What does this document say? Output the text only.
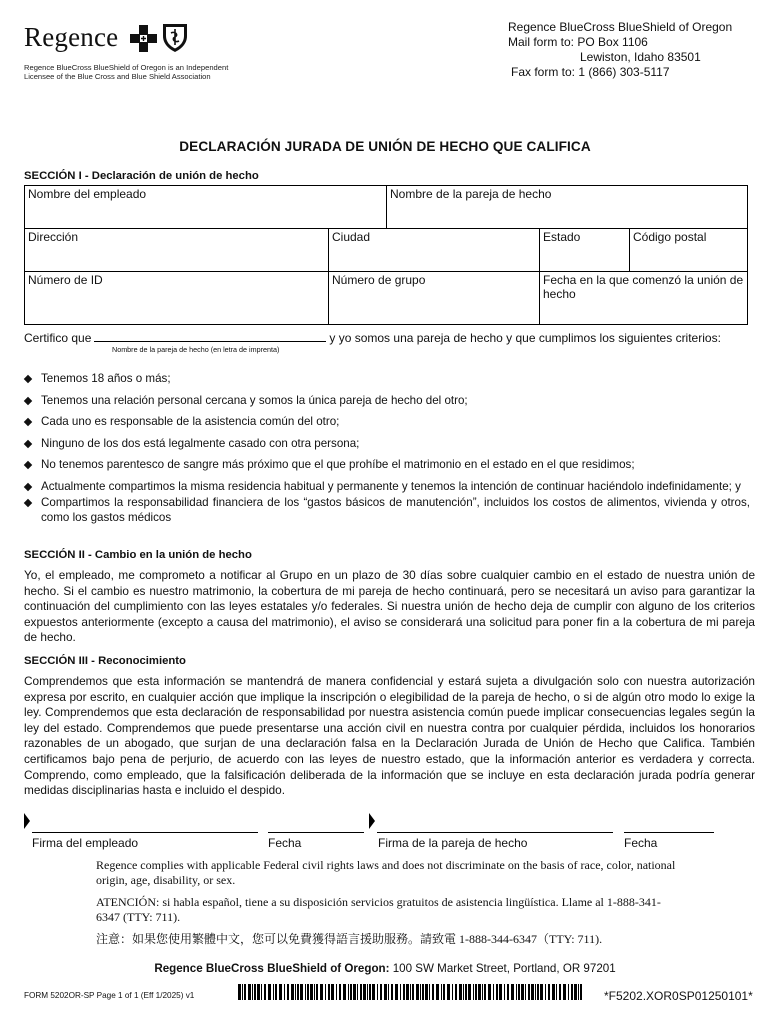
Regence
Regence BlueCross BlueShield of Oregon is an Independent
Licensee of the Blue Cross and Blue Shield Association
Regence BlueCross BlueShield of Oregon
Mail form to: PO Box 1106
Lewiston, Idaho 83501
Fax form to: 1 (866) 303-5117
DECLARACIÓN JURADA DE UNIÓN DE HECHO QUE CALIFICA
SECCIÓN I - Declaración de unión de hecho
Nombre del empleado	Nombre de la pareja de hecho
Dirección	Ciudad	Estado	Código postal
Número de ID	Número de grupo	Fecha en la que comenzó la unión de hecho
Certifico que	y yo somos una pareja de hecho y que cumplimos los siguientes criterios:
Nombre de la pareja de hecho (en letra de imprenta)
Tenemos 18 años o más;
Tenemos una relación personal cercana y somos la única pareja de hecho del otro;
Cada uno es responsable de la asistencia común del otro;
Ninguno de los dos está legalmente casado con otra persona;
No tenemos parentesco de sangre más próximo que el que prohíbe el matrimonio en el estado en el que residimos;
Actualmente compartimos la misma residencia habitual y permanente y tenemos la intención de continuar haciéndolo indefinidamente; y
Compartimos la responsabilidad financiera de los “gastos básicos de manutención”, incluidos los costos de alimentos, vivienda y otros, como los gastos médicos
SECCIÓN II - Cambio en la unión de hecho
Yo, el empleado, me comprometo a notificar al Grupo en un plazo de 30 días sobre cualquier cambio en el estado de nuestra unión de hecho. Si el cambio es nuestro matrimonio, la cobertura de mi pareja de hecho continuará, pero se necesitará un aviso para garantizar la continuación del cumplimiento con las leyes estatales y/o federales. Si nuestra unión de hecho deja de cumplir con alguno de los criterios expuestos anteriormente (excepto a causa del matrimonio), el aviso se considerará una solicitud para poner fin a la cobertura de mi pareja de hecho.
SECCIÓN III - Reconocimiento
Comprendemos que esta información se mantendrá de manera confidencial y estará sujeta a divulgación solo con nuestra autorización expresa por escrito, en cualquier acción que implique la inscripción o elegibilidad de la pareja de hecho, o si de algún otro modo lo exige la ley. Comprendemos que esta declaración de responsabilidad por nuestra asistencia común puede implicar consecuencias legales según la ley del estado. Comprendemos que puede presentarse una acción civil en nuestra contra por cualquier pérdida, incluidos los honorarios razonables de un abogado, que surjan de una declaración falsa en la Declaración Jurada de Unión de Hecho que Califica. También certificamos bajo pena de perjurio, de acuerdo con las leyes de nuestro estado, que la información anterior es verdadera y correcta. Comprendo, como empleado, que la falsificación deliberada de la información que se incluye en esta declaración jurada podría generar medidas disciplinarias hasta e incluido el despido.
Firma del empleado	Fecha	Firma de la pareja de hecho	Fecha
Regence complies with applicable Federal civil rights laws and does not discriminate on the basis of race, color, national origin, age, disability, or sex.
ATENCIÓN: si habla español, tiene a su disposición servicios gratuitos de asistencia lingüística. Llame al 1-888-341-6347 (TTY: 711).
注意：如果您使用繁體中文，您可以免費獲得語言援助服務。請致電 1-888-344-6347（TTY: 711).
Regence BlueCross BlueShield of Oregon: 100 SW Market Street, Portland, OR 97201
FORM 5202OR-SP Page 1 of 1 (Eff 1/2025) v1	*F5202.XOR0SP01250101*
